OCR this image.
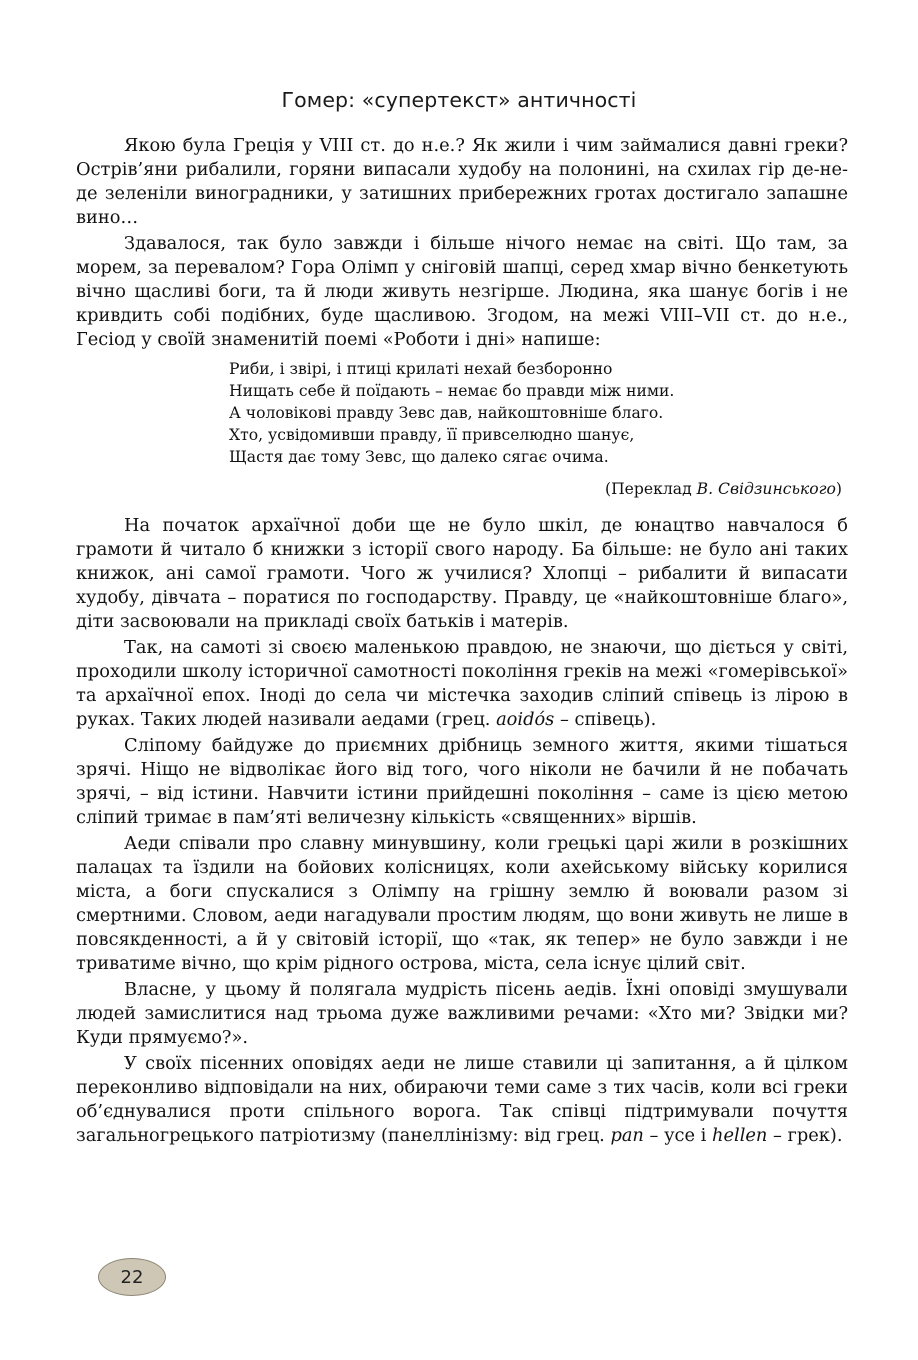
Гомер: «супертекст» античності

Якою була Греція у VIII ст. до н.е.? Як жили і чим займалися давні греки? Острів’яни рибалили, горяни випасали худобу на полонині, на схилах гір де-не-де зеленіли виноградники, у затишних прибережних гротах достигало запашне вино…

Здавалося, так було завжди і більше нічого немає на світі. Що там, за морем, за перевалом? Гора Олімп у сніговій шапці, серед хмар вічно бенкетують вічно щасливі боги, та й люди живуть незгірше. Людина, яка шанує богів і не кривдить собі подібних, буде щасливою. Згодом, на межі VIII–VII ст. до н.е., Гесіод у своїй знаменитій поемі «Роботи і дні» напише:

Риби, і звірі, і птиці крилаті нехай безборонно
Нищать себе й поїдають – немає бо правди між ними.
А чоловікові правду Зевс дав, найкоштовніше благо.
Хто, усвідомивши правду, її привселюдно шанує,
Щастя дає тому Зевс, що далеко сягає очима.
(Переклад В. Свідзинського)

На початок архаїчної доби ще не було шкіл, де юнацтво навчалося б грамоти й читало б книжки з історії свого народу. Ба більше: не було ані таких книжок, ані самої грамоти. Чого ж училися? Хлопці – рибалити й випасати худобу, дівчата – поратися по господарству. Правду, це «найкоштовніше благо», діти засвоювали на прикладі своїх батьків і матерів.

Так, на самоті зі своєю маленькою правдою, не знаючи, що діється у світі, проходили школу історичної самотності покоління греків на межі «гомерівської» та архаїчної епох. Іноді до села чи містечка заходив сліпий співець із лірою в руках. Таких людей називали аедами (грец. aoidós – співець).

Сліпому байдуже до приємних дрібниць земного життя, якими тішаться зрячі. Ніщо не відволікає його від того, чого ніколи не бачили й не побачать зрячі, – від істини. Навчити істини прийдешні покоління – саме із цією метою сліпий тримає в пам’яті величезну кількість «священних» віршів.

Аеди співали про славну минувшину, коли грецькі царі жили в розкішних палацах та їздили на бойових колісницях, коли ахейському війську корилися міста, а боги спускалися з Олімпу на грішну землю й воювали разом зі смертними. Словом, аеди нагадували простим людям, що вони живуть не лише в повсякденності, а й у світовій історії, що «так, як тепер» не було завжди і не триватиме вічно, що крім рідного острова, міста, села існує цілий світ.

Власне, у цьому й полягала мудрість пісень аедів. Їхні оповіді змушували людей замислитися над трьома дуже важливими речами: «Хто ми? Звідки ми? Куди прямуємо?».

У своїх пісенних оповідях аеди не лише ставили ці запитання, а й цілком переконливо відповідали на них, обираючи теми саме з тих часів, коли всі греки об’єднувалися проти спільного ворога. Так співці підтримували почуття загальногрецького патріотизму (панеллінізму: від грец. pan – усе і hellen – грек).

22
